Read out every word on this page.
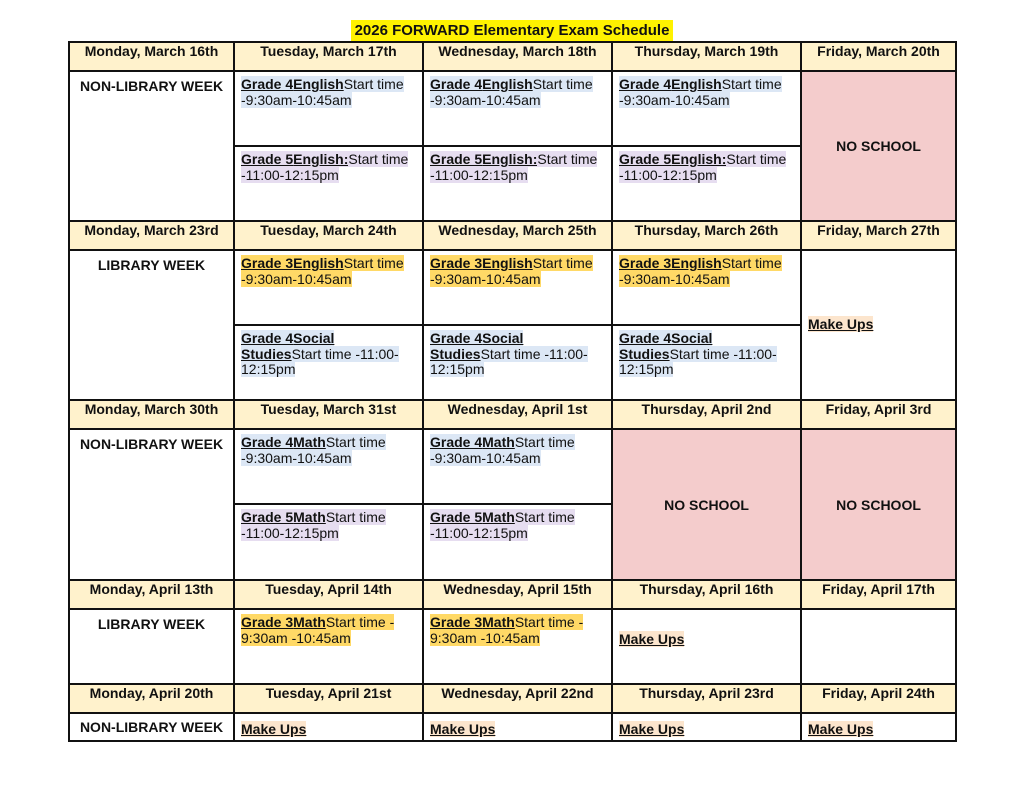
2026 FORWARD Elementary Exam Schedule
Monday, March 16th	Tuesday, March 17th	Wednesday, March 18th	Thursday, March 19th	Friday, March 20th
NON-LIBRARY WEEK	Grade 4EnglishStart time -9:30am-10:45am	Grade 4EnglishStart time -9:30am-10:45am	Grade 4EnglishStart time -9:30am-10:45am	NO SCHOOL
	Grade 5English:Start time -11:00-12:15pm	Grade 5English:Start time -11:00-12:15pm	Grade 5English:Start time -11:00-12:15pm	
Monday, March 23rd	Tuesday, March 24th	Wednesday, March 25th	Thursday, March 26th	Friday, March 27th
LIBRARY WEEK	Grade 3EnglishStart time -9:30am-10:45am	Grade 3EnglishStart time -9:30am-10:45am	Grade 3EnglishStart time -9:30am-10:45am	Make Ups
	Grade 4Social StudiesStart time -11:00-12:15pm	Grade 4Social StudiesStart time -11:00-12:15pm	Grade 4Social StudiesStart time -11:00-12:15pm	
Monday, March 30th	Tuesday, March 31st	Wednesday, April 1st	Thursday, April 2nd	Friday, April 3rd
NON-LIBRARY WEEK	Grade 4MathStart time -9:30am-10:45am	Grade 4MathStart time -9:30am-10:45am	NO SCHOOL	NO SCHOOL
	Grade 5MathStart time -11:00-12:15pm	Grade 5MathStart time -11:00-12:15pm		
Monday, April 13th	Tuesday, April 14th	Wednesday, April 15th	Thursday, April 16th	Friday, April 17th
LIBRARY WEEK	Grade 3MathStart time - 9:30am -10:45am	Grade 3MathStart time - 9:30am -10:45am	Make Ups	
Monday, April 20th	Tuesday, April 21st	Wednesday, April 22nd	Thursday, April 23rd	Friday, April 24th
NON-LIBRARY WEEK	Make Ups	Make Ups	Make Ups	Make Ups
